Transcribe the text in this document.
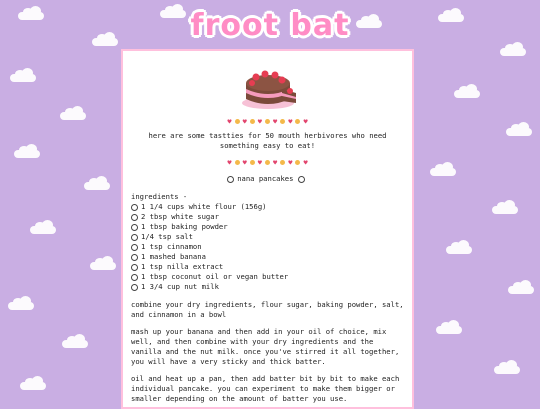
froot bat
♥ ♥ ♥ ♥ ♥ ♥
here are some tastties for 50 mouth herbivores who need something easy to eat!
♥ ♥ ♥ ♥ ♥ ♥
nana pancakes
ingredients -
1 1/4 cups white flour (156g)
2 tbsp white sugar
1 tbsp baking powder
1/4 tsp salt
1 tsp cinnamon
1 mashed banana
1 tsp nilla extract
1 tbsp coconut oil or vegan butter
1 3/4 cup nut milk
combine your dry ingredients, flour sugar, baking powder, salt, and cinnamon in a bowl
mash up your banana and then add in your oil of choice, mix well, and then combine with your dry ingredients and the vanilla and the nut milk. once you've stirred it all together, you will have a very sticky and thick batter.
oil and heat up a pan, then add batter bit by bit to make each individual pancake. you can experiment to make them bigger or smaller depending on the amount of batter you use.
